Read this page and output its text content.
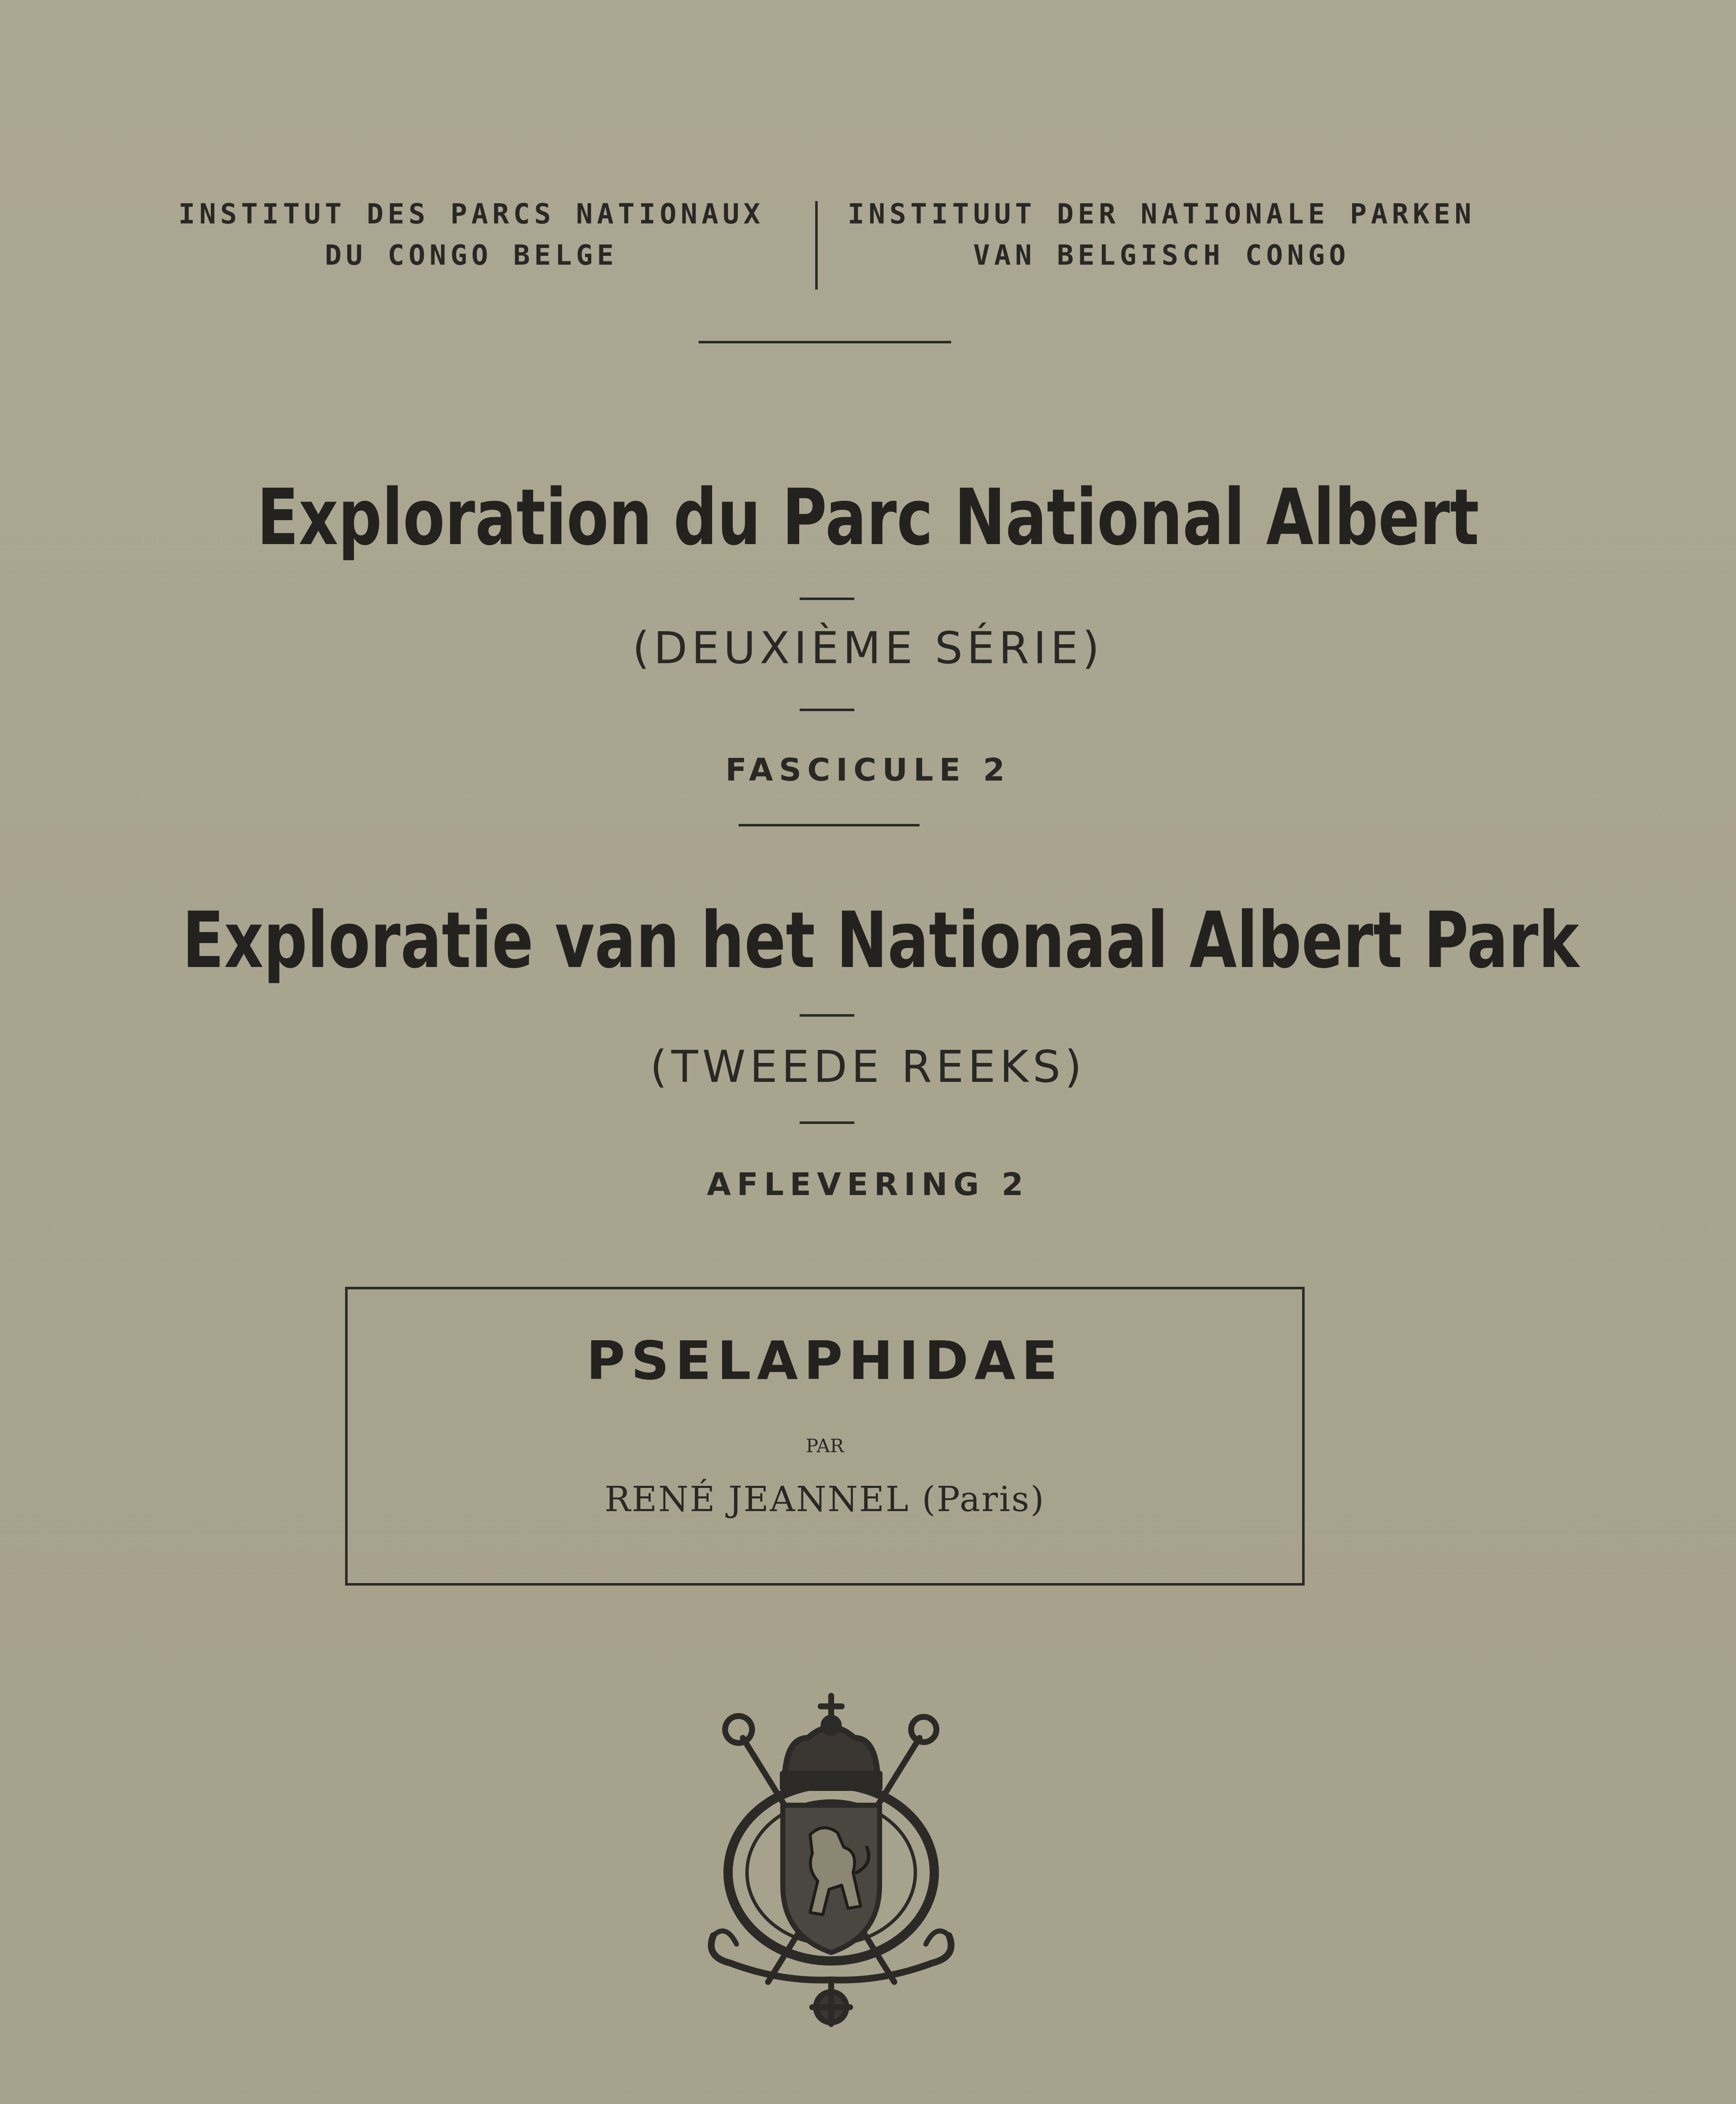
INSTITUT DES PARCS NATIONAUX
DU CONGO BELGE
INSTITUUT DER NATIONALE PARKEN
VAN BELGISCH CONGO
Exploration du Parc National Albert
(DEUXIÈME SÉRIE)
FASCICULE 2
Exploratie van het Nationaal Albert Park
(TWEEDE REEKS)
AFLEVERING 2
PSELAPHIDAE
PAR
RENÉ JEANNEL (Paris)
